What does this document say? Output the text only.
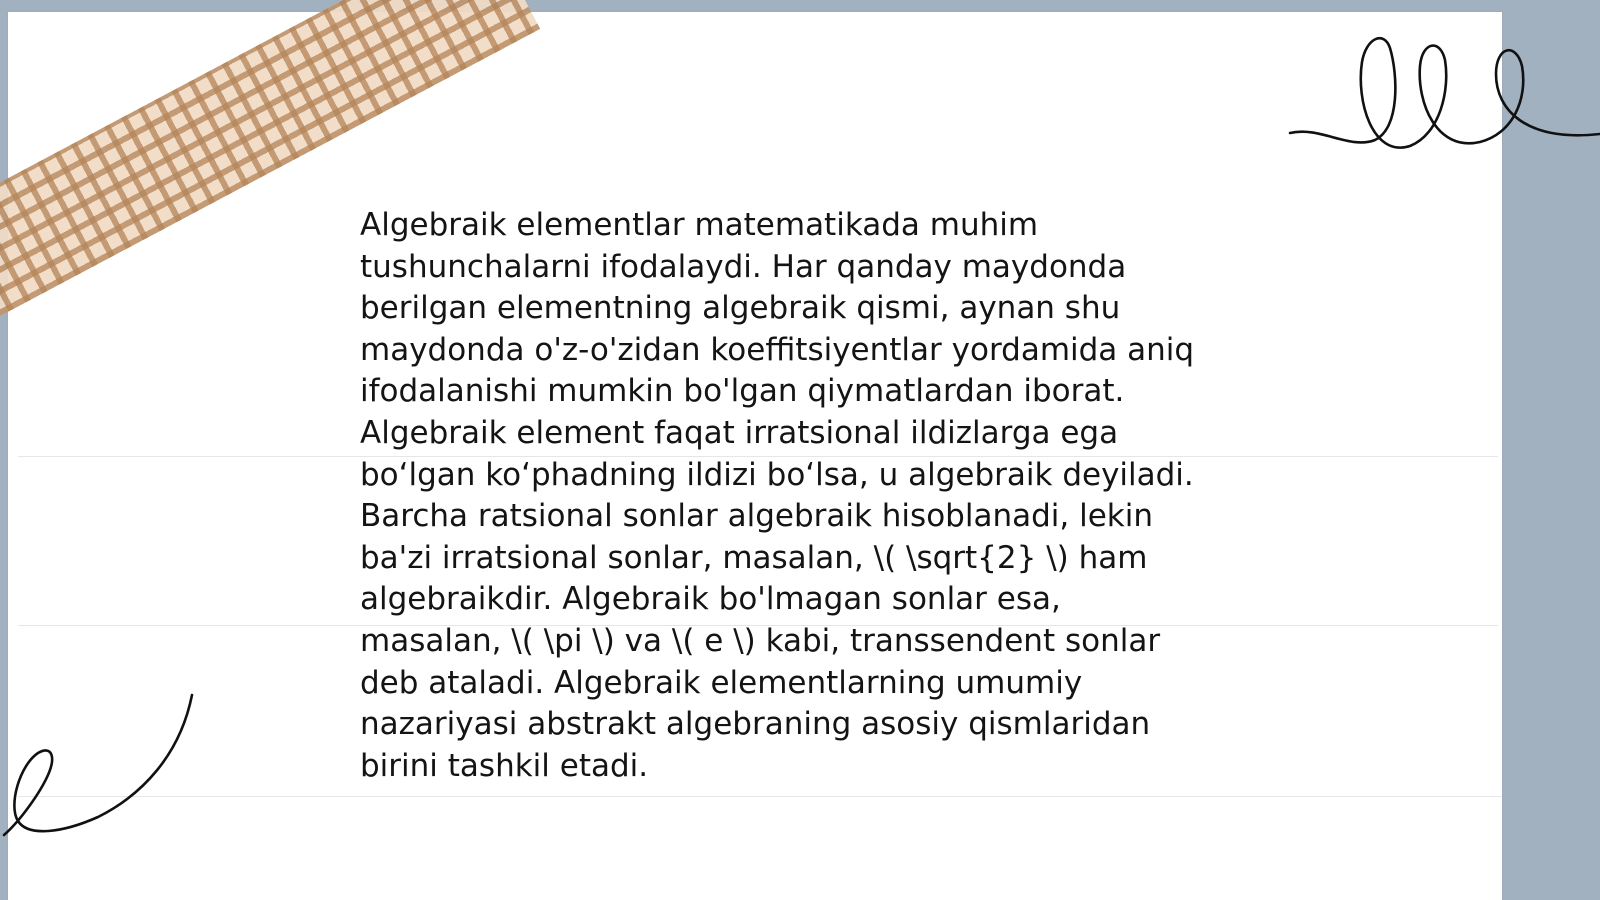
Algebraik elementlar matematikada muhim
tushunchalarni ifodalaydi. Har qanday maydonda
berilgan elementning algebraik qismi, aynan shu
maydonda o'z-o'zidan koeffitsiyentlar yordamida aniq
ifodalanishi mumkin bo'lgan qiymatlardan iborat.
Algebraik element faqat irratsional ildizlarga ega
bo‘lgan ko‘phadning ildizi bo‘lsa, u algebraik deyiladi.
Barcha ratsional sonlar algebraik hisoblanadi, lekin
ba'zi irratsional sonlar, masalan, \( \sqrt{2} \) ham
algebraikdir. Algebraik bo'lmagan sonlar esa,
masalan, \( \pi \) va \( e \) kabi, transsendent sonlar
deb ataladi. Algebraik elementlarning umumiy
nazariyasi abstrakt algebraning asosiy qismlaridan
birini tashkil etadi.
